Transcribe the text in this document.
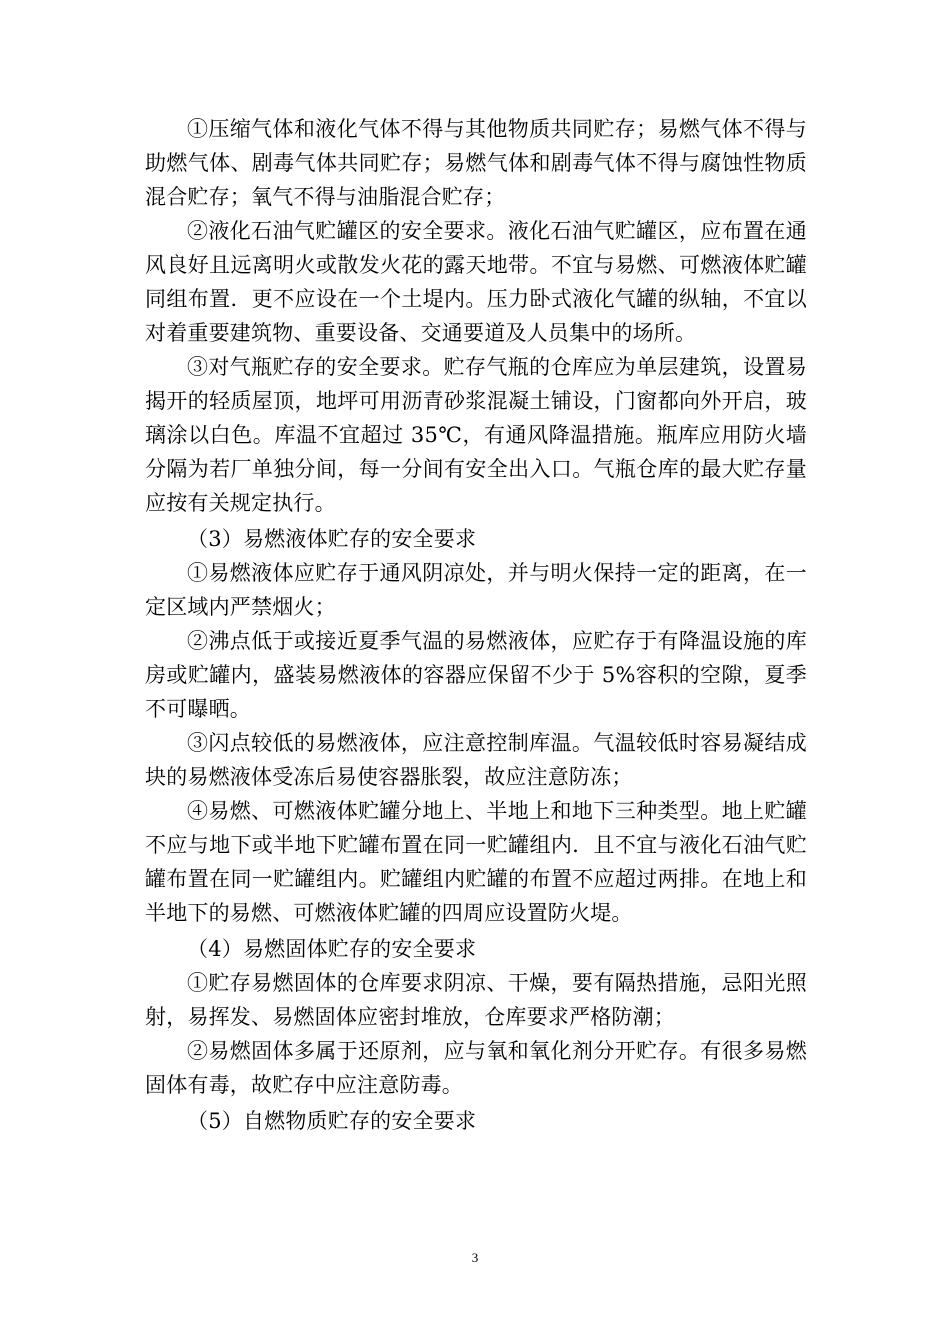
①压缩气体和液化气体不得与其他物质共同贮存；易燃气体不得与助燃气体、剧毒气体共同贮存；易燃气体和剧毒气体不得与腐蚀性物质混合贮存；氧气不得与油脂混合贮存；

②液化石油气贮罐区的安全要求。液化石油气贮罐区，应布置在通风良好且远离明火或散发火花的露天地带。不宜与易燃、可燃液体贮罐同组布置．更不应设在一个土堤内。压力卧式液化气罐的纵轴，不宜以对着重要建筑物、重要设备、交通要道及人员集中的场所。

③对气瓶贮存的安全要求。贮存气瓶的仓库应为单层建筑，设置易揭开的轻质屋顶，地坪可用沥青砂浆混凝土铺设，门窗都向外开启，玻璃涂以白色。库温不宜超过 35℃，有通风降温措施。瓶库应用防火墙分隔为若厂单独分间，每一分间有安全出入口。气瓶仓库的最大贮存量应按有关规定执行。

（3）易燃液体贮存的安全要求

①易燃液体应贮存于通风阴凉处，并与明火保持一定的距离，在一定区域内严禁烟火；

②沸点低于或接近夏季气温的易燃液体，应贮存于有降温设施的库房或贮罐内，盛装易燃液体的容器应保留不少于 5%容积的空隙，夏季不可曝晒。

③闪点较低的易燃液体，应注意控制库温。气温较低时容易凝结成块的易燃液体受冻后易使容器胀裂，故应注意防冻；

④易燃、可燃液体贮罐分地上、半地上和地下三种类型。地上贮罐不应与地下或半地下贮罐布置在同一贮罐组内．且不宜与液化石油气贮罐布置在同一贮罐组内。贮罐组内贮罐的布置不应超过两排。在地上和半地下的易燃、可燃液体贮罐的四周应设置防火堤。

（4）易燃固体贮存的安全要求

①贮存易燃固体的仓库要求阴凉、干燥，要有隔热措施，忌阳光照射，易挥发、易燃固体应密封堆放，仓库要求严格防潮；

②易燃固体多属于还原剂，应与氧和氧化剂分开贮存。有很多易燃固体有毒，故贮存中应注意防毒。

（5）自燃物质贮存的安全要求

3
